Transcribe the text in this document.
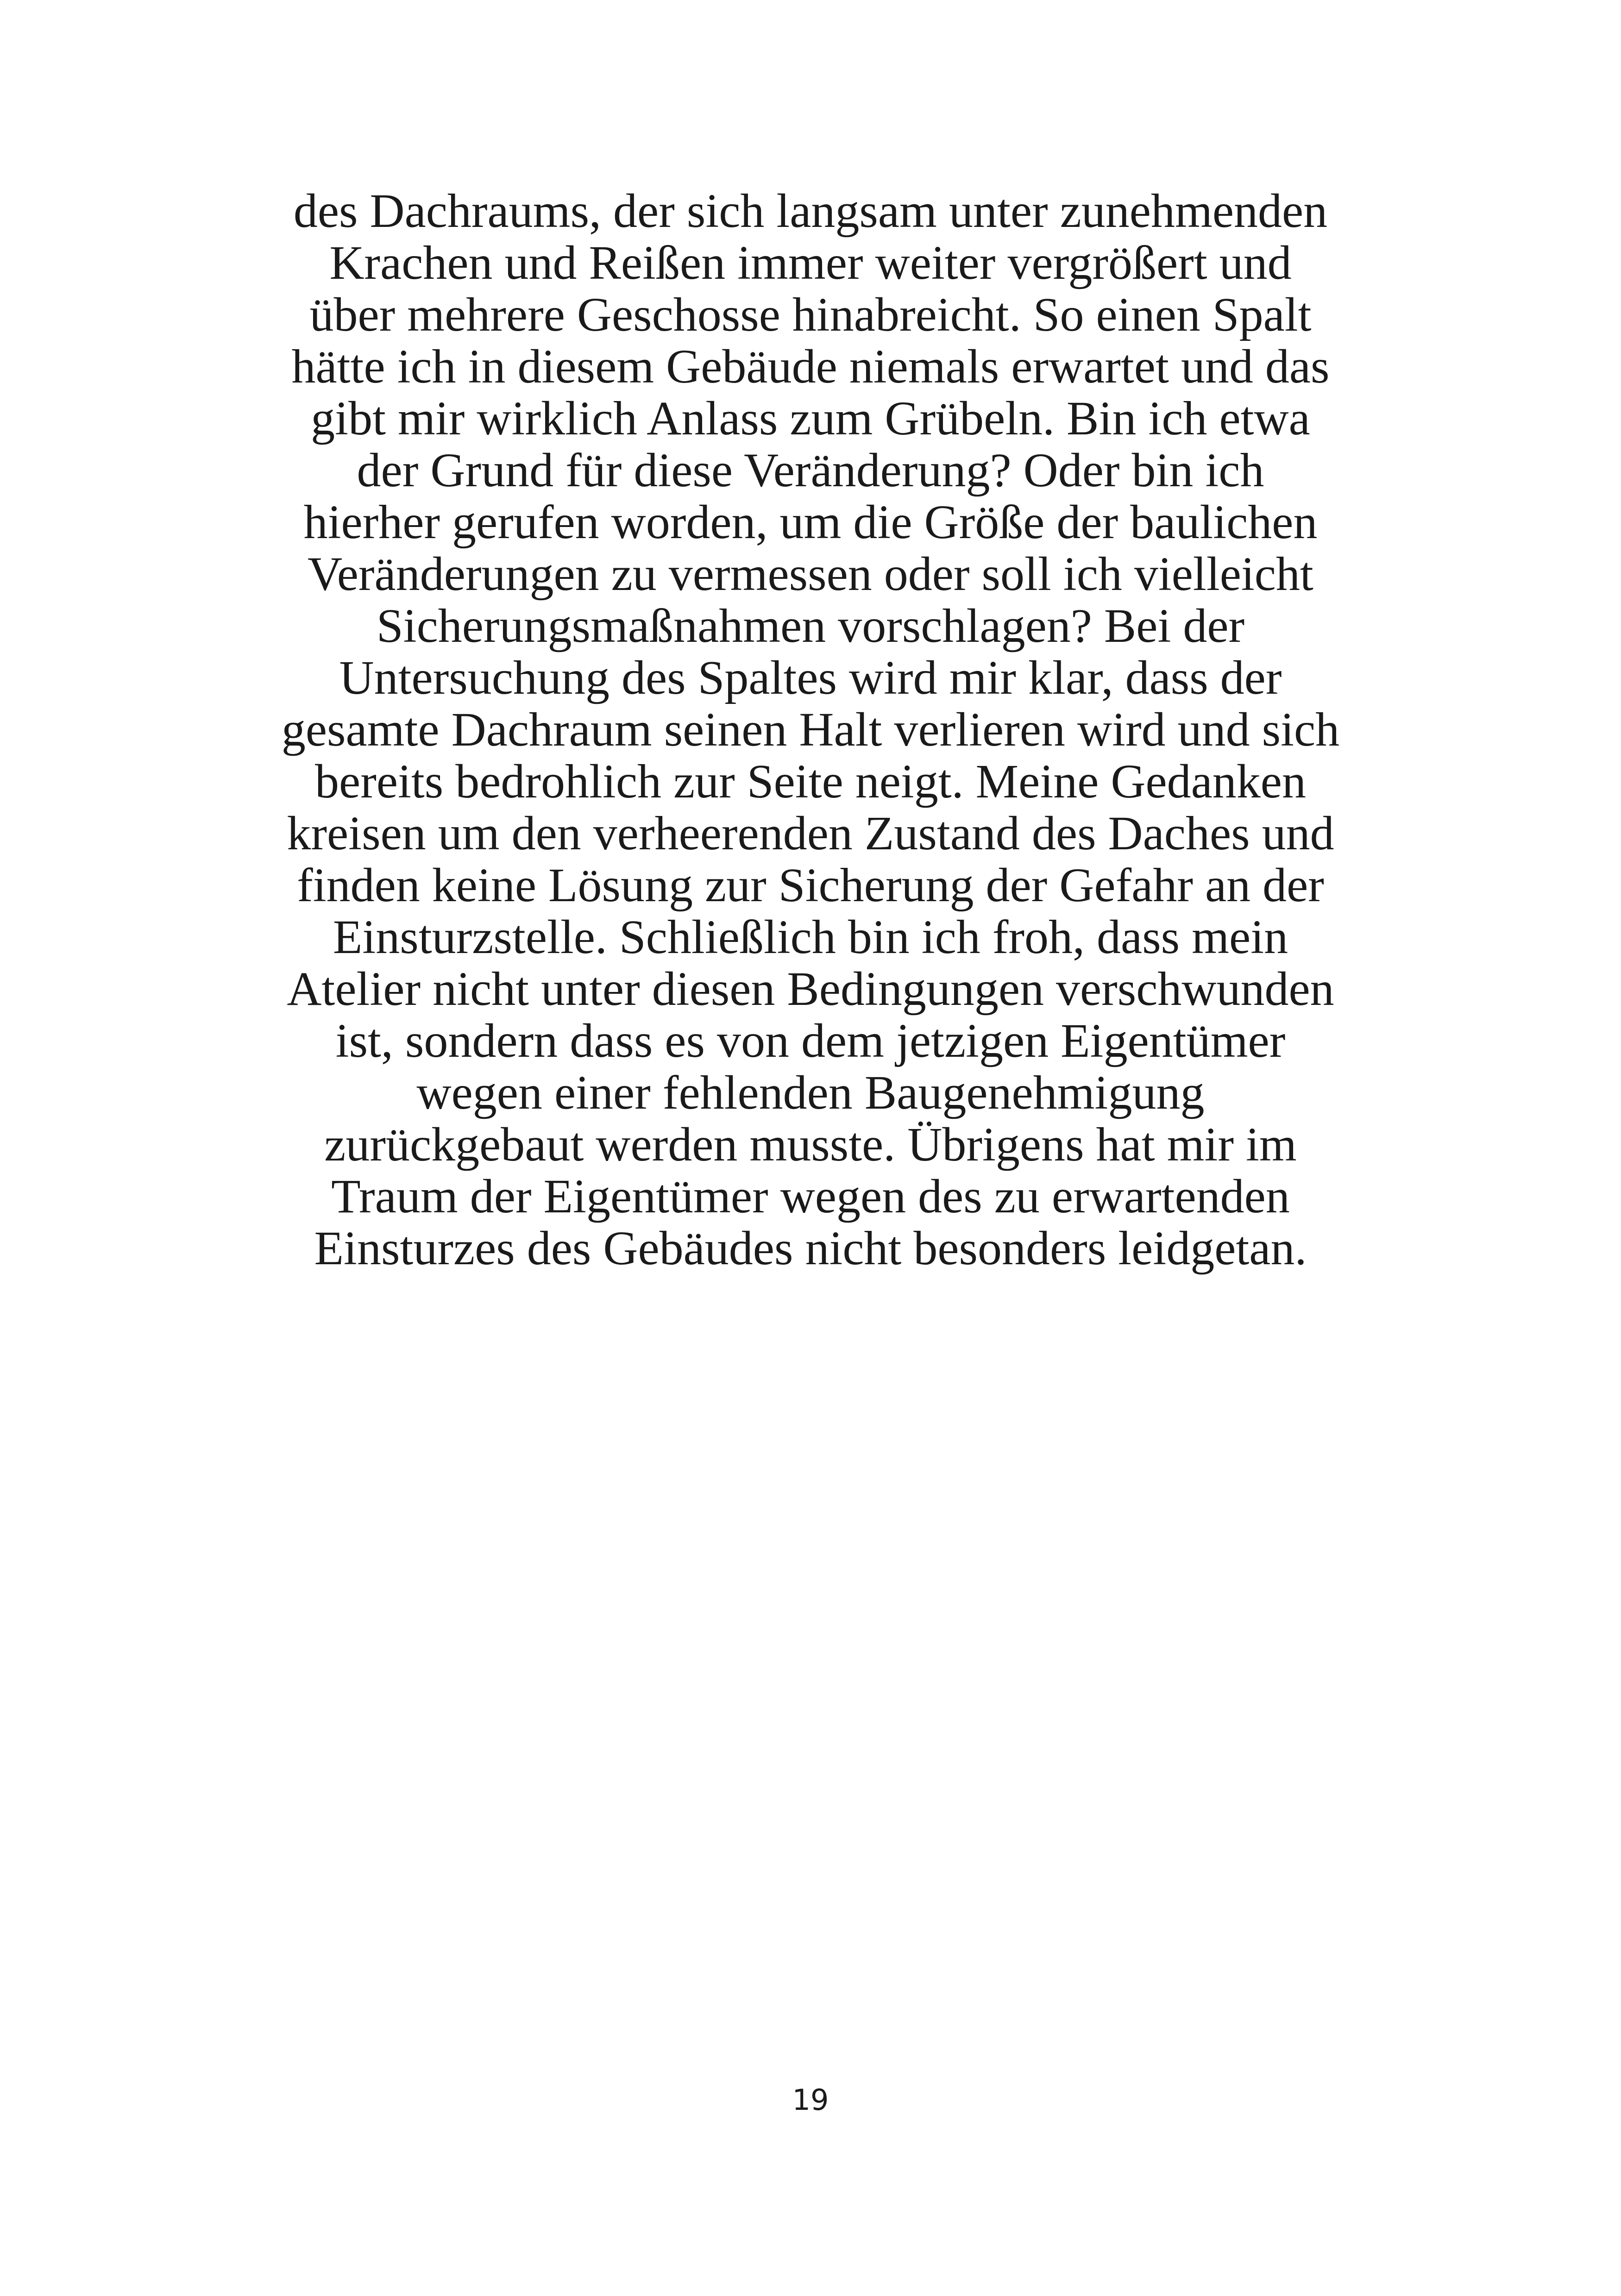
des Dachraums, der sich langsam unter zunehmenden
Krachen und Reißen immer weiter vergrößert und
über mehrere Geschosse hinabreicht. So einen Spalt
hätte ich in diesem Gebäude niemals erwartet und das
gibt mir wirklich Anlass zum Grübeln. Bin ich etwa
der Grund für diese Veränderung? Oder bin ich
hierher gerufen worden, um die Größe der baulichen
Veränderungen zu vermessen oder soll ich vielleicht
Sicherungsmaßnahmen vorschlagen? Bei der
Untersuchung des Spaltes wird mir klar, dass der
gesamte Dachraum seinen Halt verlieren wird und sich
bereits bedrohlich zur Seite neigt. Meine Gedanken
kreisen um den verheerenden Zustand des Daches und
finden keine Lösung zur Sicherung der Gefahr an der
Einsturzstelle. Schließlich bin ich froh, dass mein
Atelier nicht unter diesen Bedingungen verschwunden
ist, sondern dass es von dem jetzigen Eigentümer
wegen einer fehlenden Baugenehmigung
zurückgebaut werden musste. Übrigens hat mir im
Traum der Eigentümer wegen des zu erwartenden
Einsturzes des Gebäudes nicht besonders leidgetan.
19
